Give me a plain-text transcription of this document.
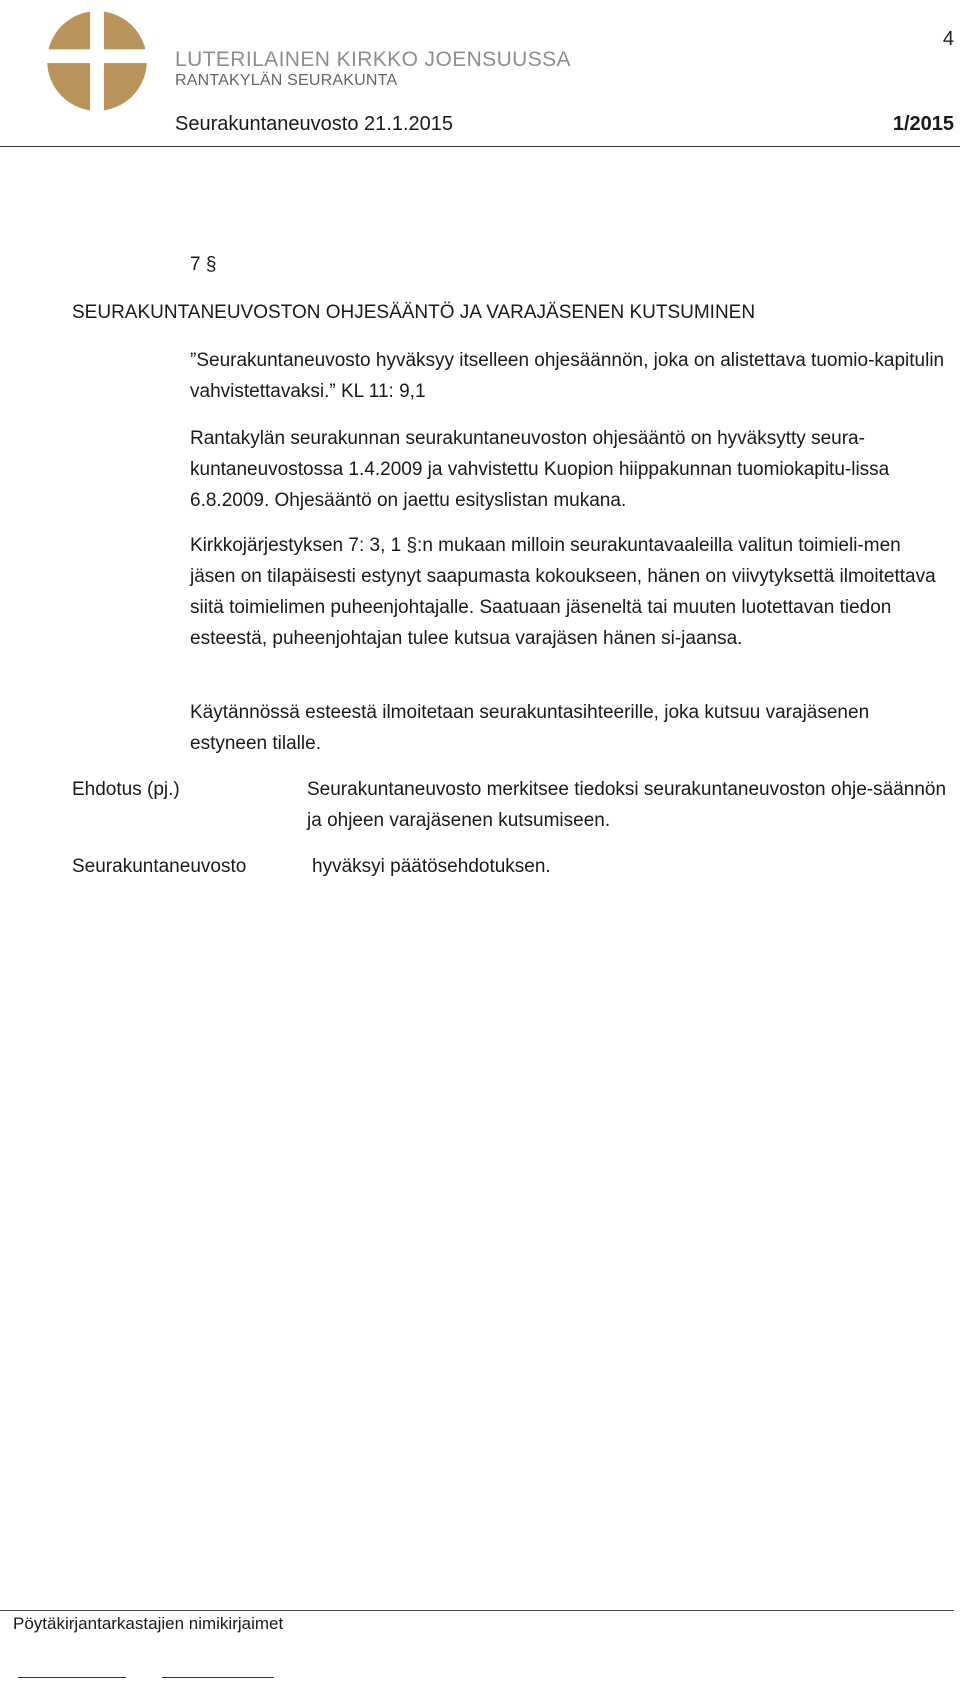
4
LUTERILAINEN KIRKKO JOENSUUSSA
RANTAKYLÄN SEURAKUNTA
Seurakuntaneuvosto 21.1.2015	1/2015
7 §
SEURAKUNTANEUVOSTON OHJESÄÄNTÖ JA VARAJÄSENEN KUTSUMINEN
”Seurakuntaneuvosto hyväksyy itselleen ohjesäännön, joka on alistettava tuomio-kapitulin vahvistettavaksi.” KL 11: 9,1
Rantakylän seurakunnan seurakuntaneuvoston ohjesääntö on hyväksytty seura-kuntaneuvostossa 1.4.2009 ja vahvistettu Kuopion hiippakunnan tuomiokapitu-lissa 6.8.2009. Ohjesääntö on jaettu esityslistan mukana.
Kirkkojärjestyksen 7: 3, 1 §:n mukaan milloin seurakuntavaaleilla valitun toimieli-men jäsen on tilapäisesti estynyt saapumasta kokoukseen, hänen on viivytyksettä ilmoitettava siitä toimielimen puheenjohtajalle. Saatuaan jäseneltä tai muuten luotettavan tiedon esteestä, puheenjohtajan tulee kutsua varajäsen hänen si-jaansa.
Käytännössä esteestä ilmoitetaan seurakuntasihteerille, joka kutsuu varajäsenen estyneen tilalle.
Ehdotus (pj.)	Seurakuntaneuvosto merkitsee tiedoksi seurakuntaneuvoston ohje-säännön ja ohjeen varajäsenen kutsumiseen.
Seurakuntaneuvosto	hyväksyi päätösehdotuksen.
Pöytäkirjantarkastajien nimikirjaimet
